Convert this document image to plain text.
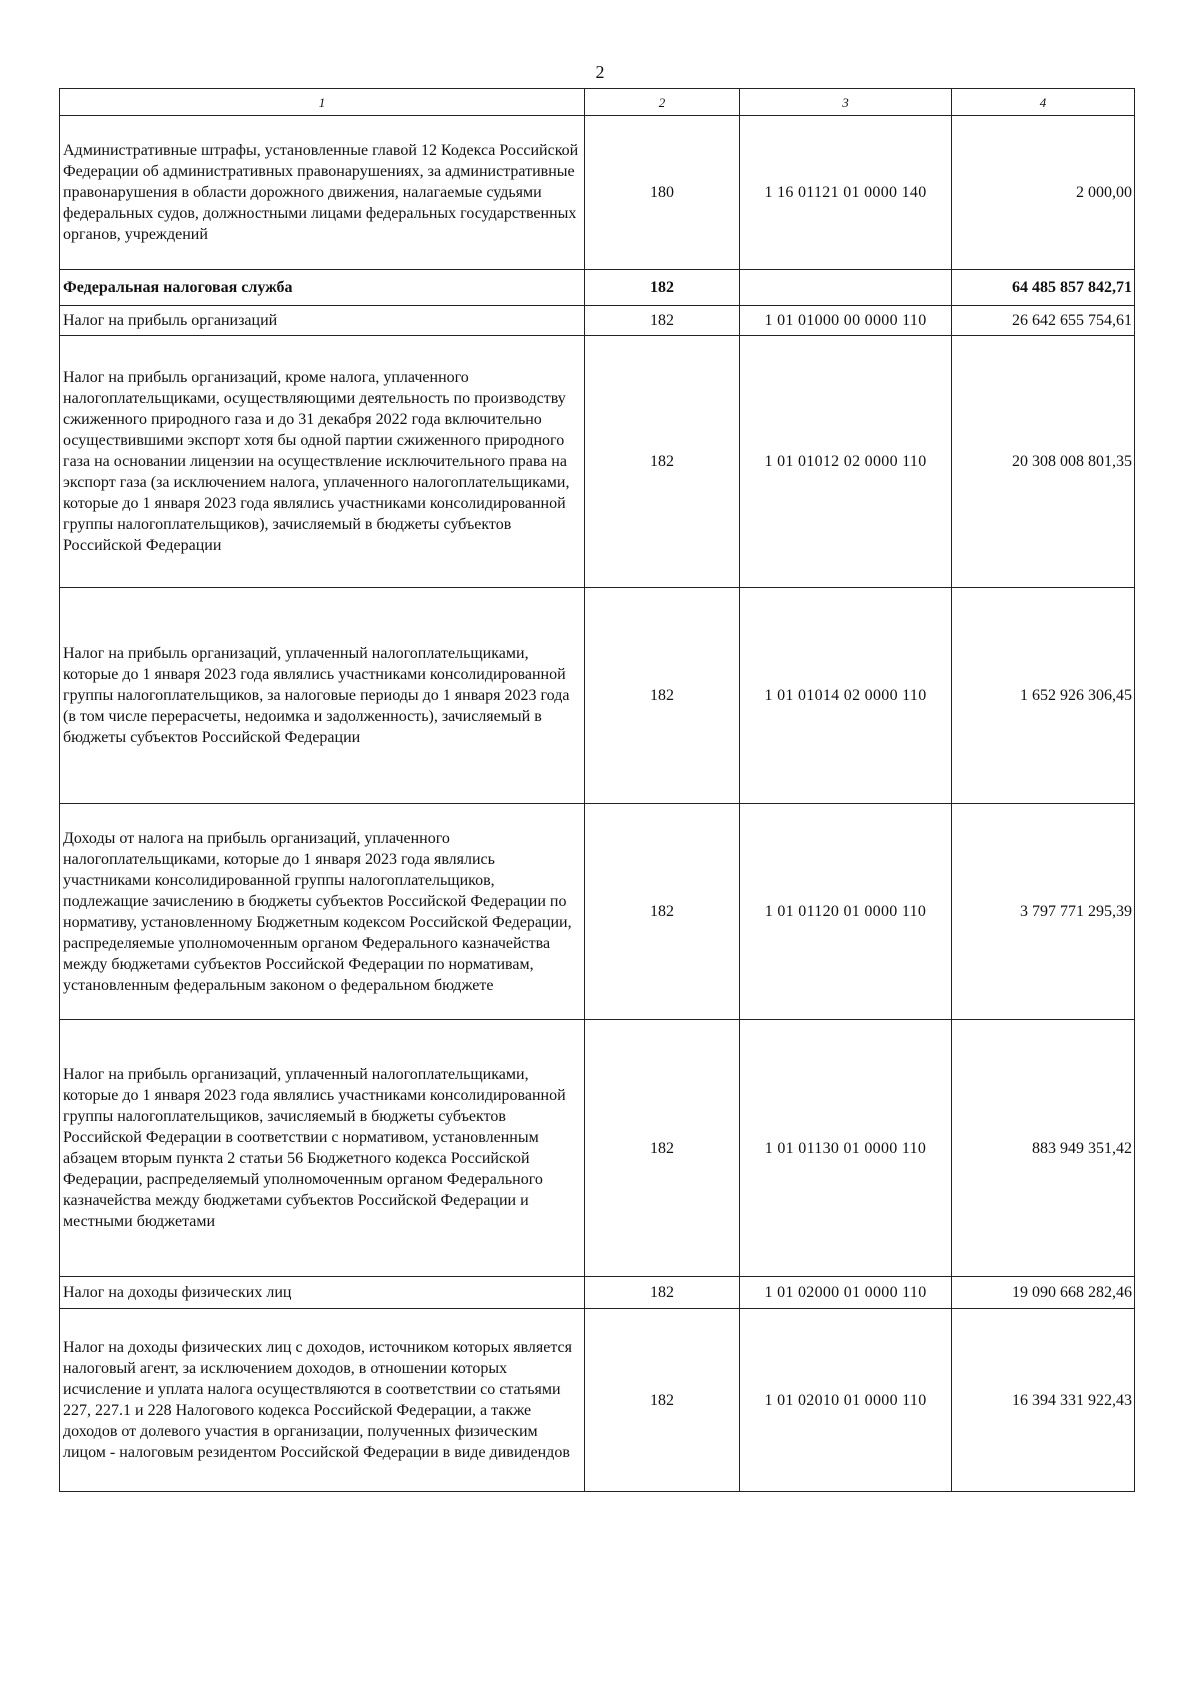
2
1	2	3	4
Административные штрафы, установленные главой 12 Кодекса Российской Федерации об административных правонарушениях, за административные правонарушения в области дорожного движения, налагаемые судьями федеральных судов, должностными лицами федеральных государственных органов, учреждений	180	1 16 01121 01 0000 140	2 000,00
Федеральная налоговая служба	182		64 485 857 842,71
Налог на прибыль организаций	182	1 01 01000 00 0000 110	26 642 655 754,61
Налог на прибыль организаций, кроме налога, уплаченного налогоплательщиками, осуществляющими деятельность по производству сжиженного природного газа и до 31 декабря 2022 года включительно осуществившими экспорт хотя бы одной партии сжиженного природного газа на основании лицензии на осуществление исключительного права на экспорт газа (за исключением налога, уплаченного налогоплательщиками, которые до 1 января 2023 года являлись участниками консолидированной группы налогоплательщиков), зачисляемый в бюджеты субъектов Российской Федерации	182	1 01 01012 02 0000 110	20 308 008 801,35
Налог на прибыль организаций, уплаченный налогоплательщиками, которые до 1 января 2023 года являлись участниками консолидированной группы налогоплательщиков, за налоговые периоды до 1 января 2023 года (в том числе перерасчеты, недоимка и задолженность), зачисляемый в бюджеты субъектов Российской Федерации	182	1 01 01014 02 0000 110	1 652 926 306,45
Доходы от налога на прибыль организаций, уплаченного налогоплательщиками, которые до 1 января 2023 года являлись участниками консолидированной группы налогоплательщиков, подлежащие зачислению в бюджеты субъектов Российской Федерации по нормативу, установленному Бюджетным кодексом Российской Федерации, распределяемые уполномоченным органом Федерального казначейства между бюджетами субъектов Российской Федерации по нормативам, установленным федеральным законом о федеральном бюджете	182	1 01 01120 01 0000 110	3 797 771 295,39
Налог на прибыль организаций, уплаченный налогоплательщиками, которые до 1 января 2023 года являлись участниками консолидированной группы налогоплательщиков, зачисляемый в бюджеты субъектов Российской Федерации в соответствии с нормативом, установленным абзацем вторым пункта 2 статьи 56 Бюджетного кодекса Российской Федерации, распределяемый уполномоченным органом Федерального казначейства между бюджетами субъектов Российской Федерации и местными бюджетами	182	1 01 01130 01 0000 110	883 949 351,42
Налог на доходы физических лиц	182	1 01 02000 01 0000 110	19 090 668 282,46
Налог на доходы физических лиц с доходов, источником которых является налоговый агент, за исключением доходов, в отношении которых исчисление и уплата налога осуществляются в соответствии со статьями 227, 227.1 и 228 Налогового кодекса Российской Федерации, а также доходов от долевого участия в организации, полученных физическим лицом - налоговым резидентом Российской Федерации в виде дивидендов	182	1 01 02010 01 0000 110	16 394 331 922,43
